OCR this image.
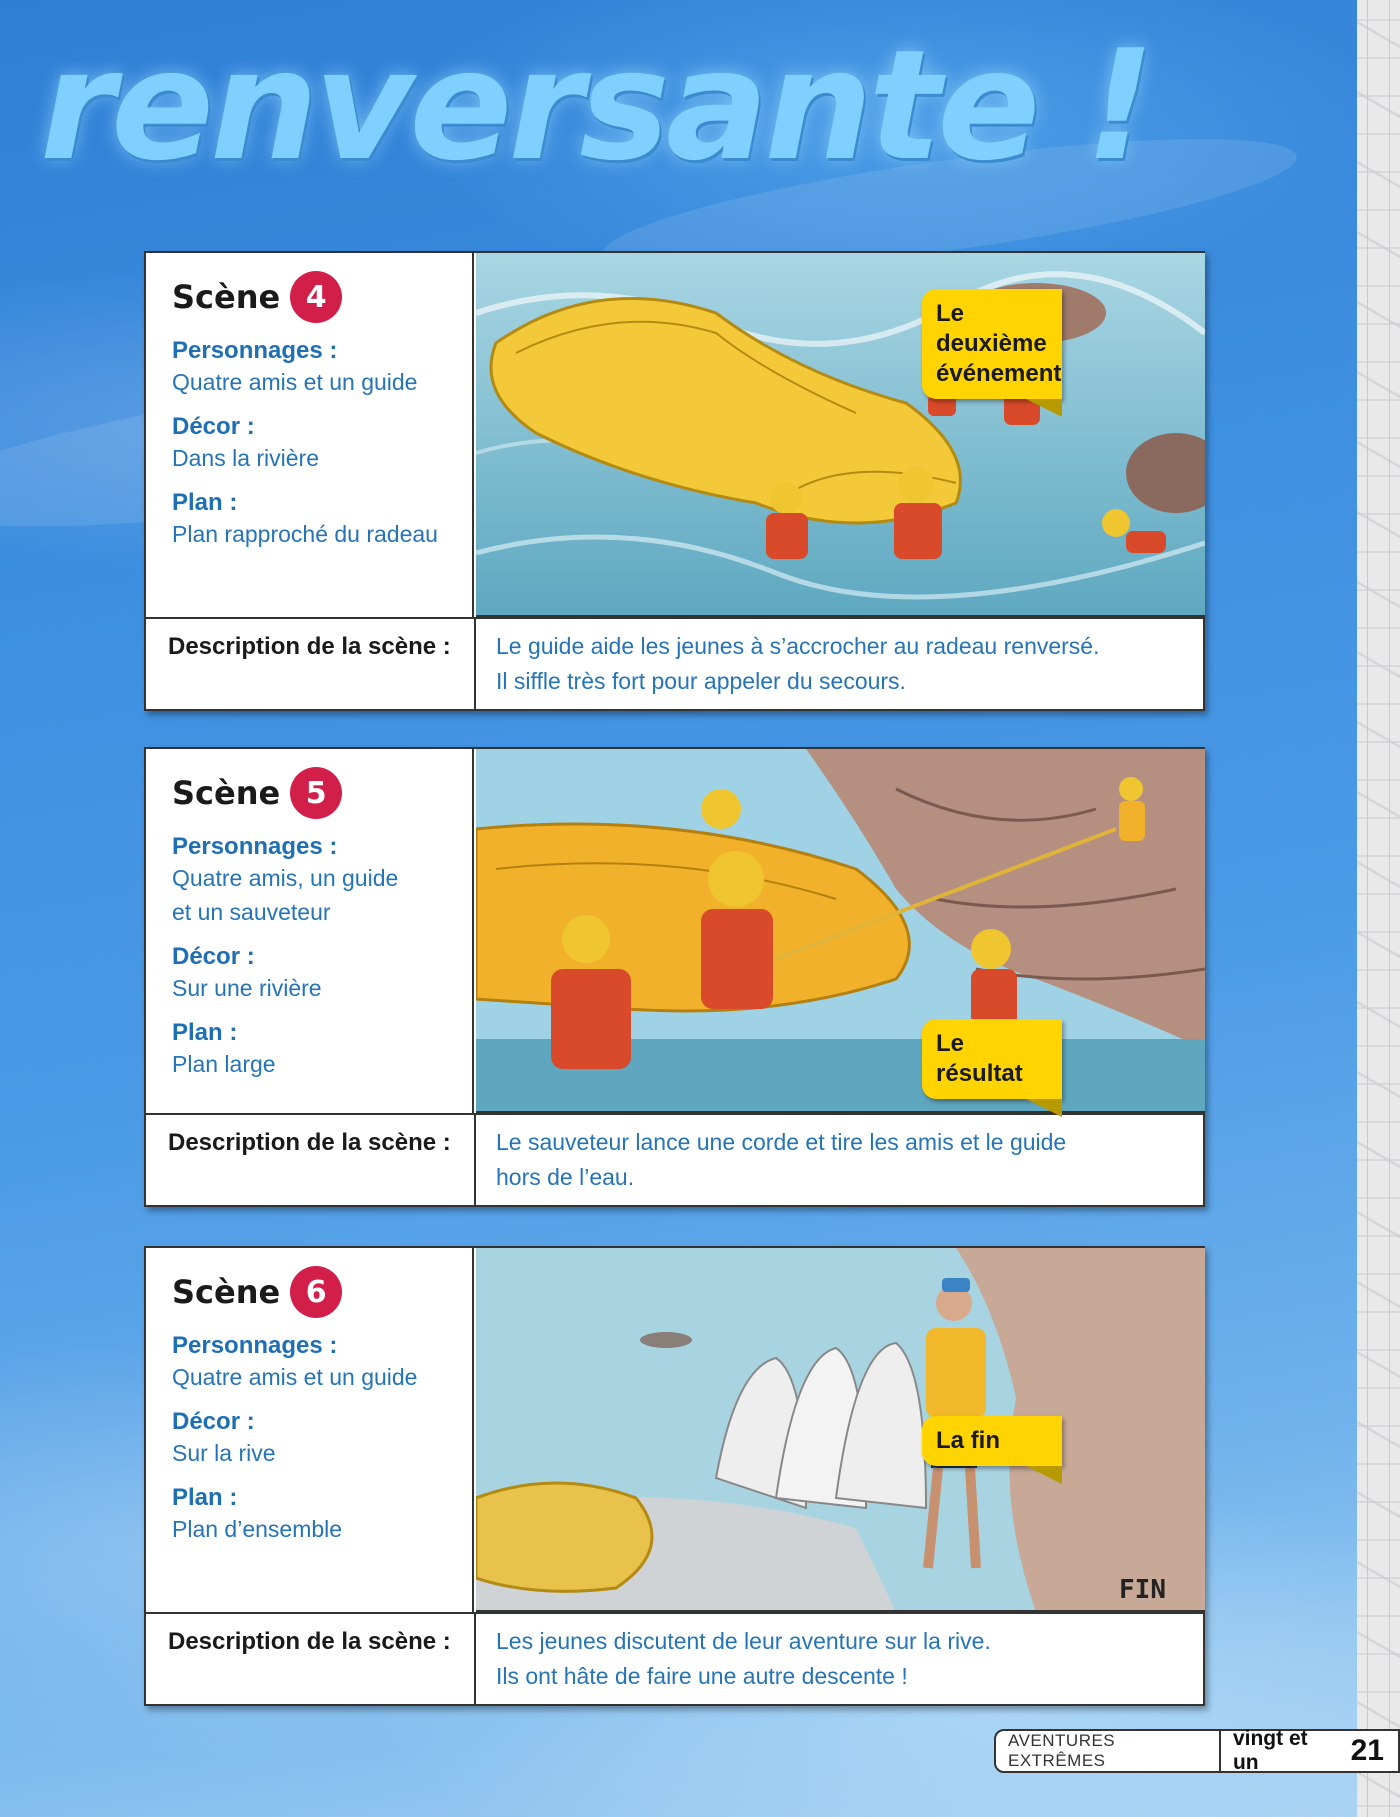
renversante !
Scène 4
Personnages :
Quatre amis et un guide
Décor :
Dans la rivière
Plan :
Plan rapproché du radeau
Description de la scène :	Le guide aide les jeunes à s’accrocher au radeau renversé.
Il siffle très fort pour appeler du secours.
Le deuxième
événement
Scène 5
Personnages :
Quatre amis, un guide
et un sauveteur
Décor :
Sur une rivière
Plan :
Plan large
Description de la scène :	Le sauveteur lance une corde et tire les amis et le guide
hors de l’eau.
Le résultat
Scène 6
Personnages :
Quatre amis et un guide
Décor :
Sur la rive
Plan :
Plan d’ensemble
FIN
Description de la scène :	Les jeunes discutent de leur aventure sur la rive.
Ils ont hâte de faire une autre descente !
La fin
AVENTURES EXTRÊMES
vingt et un	21
